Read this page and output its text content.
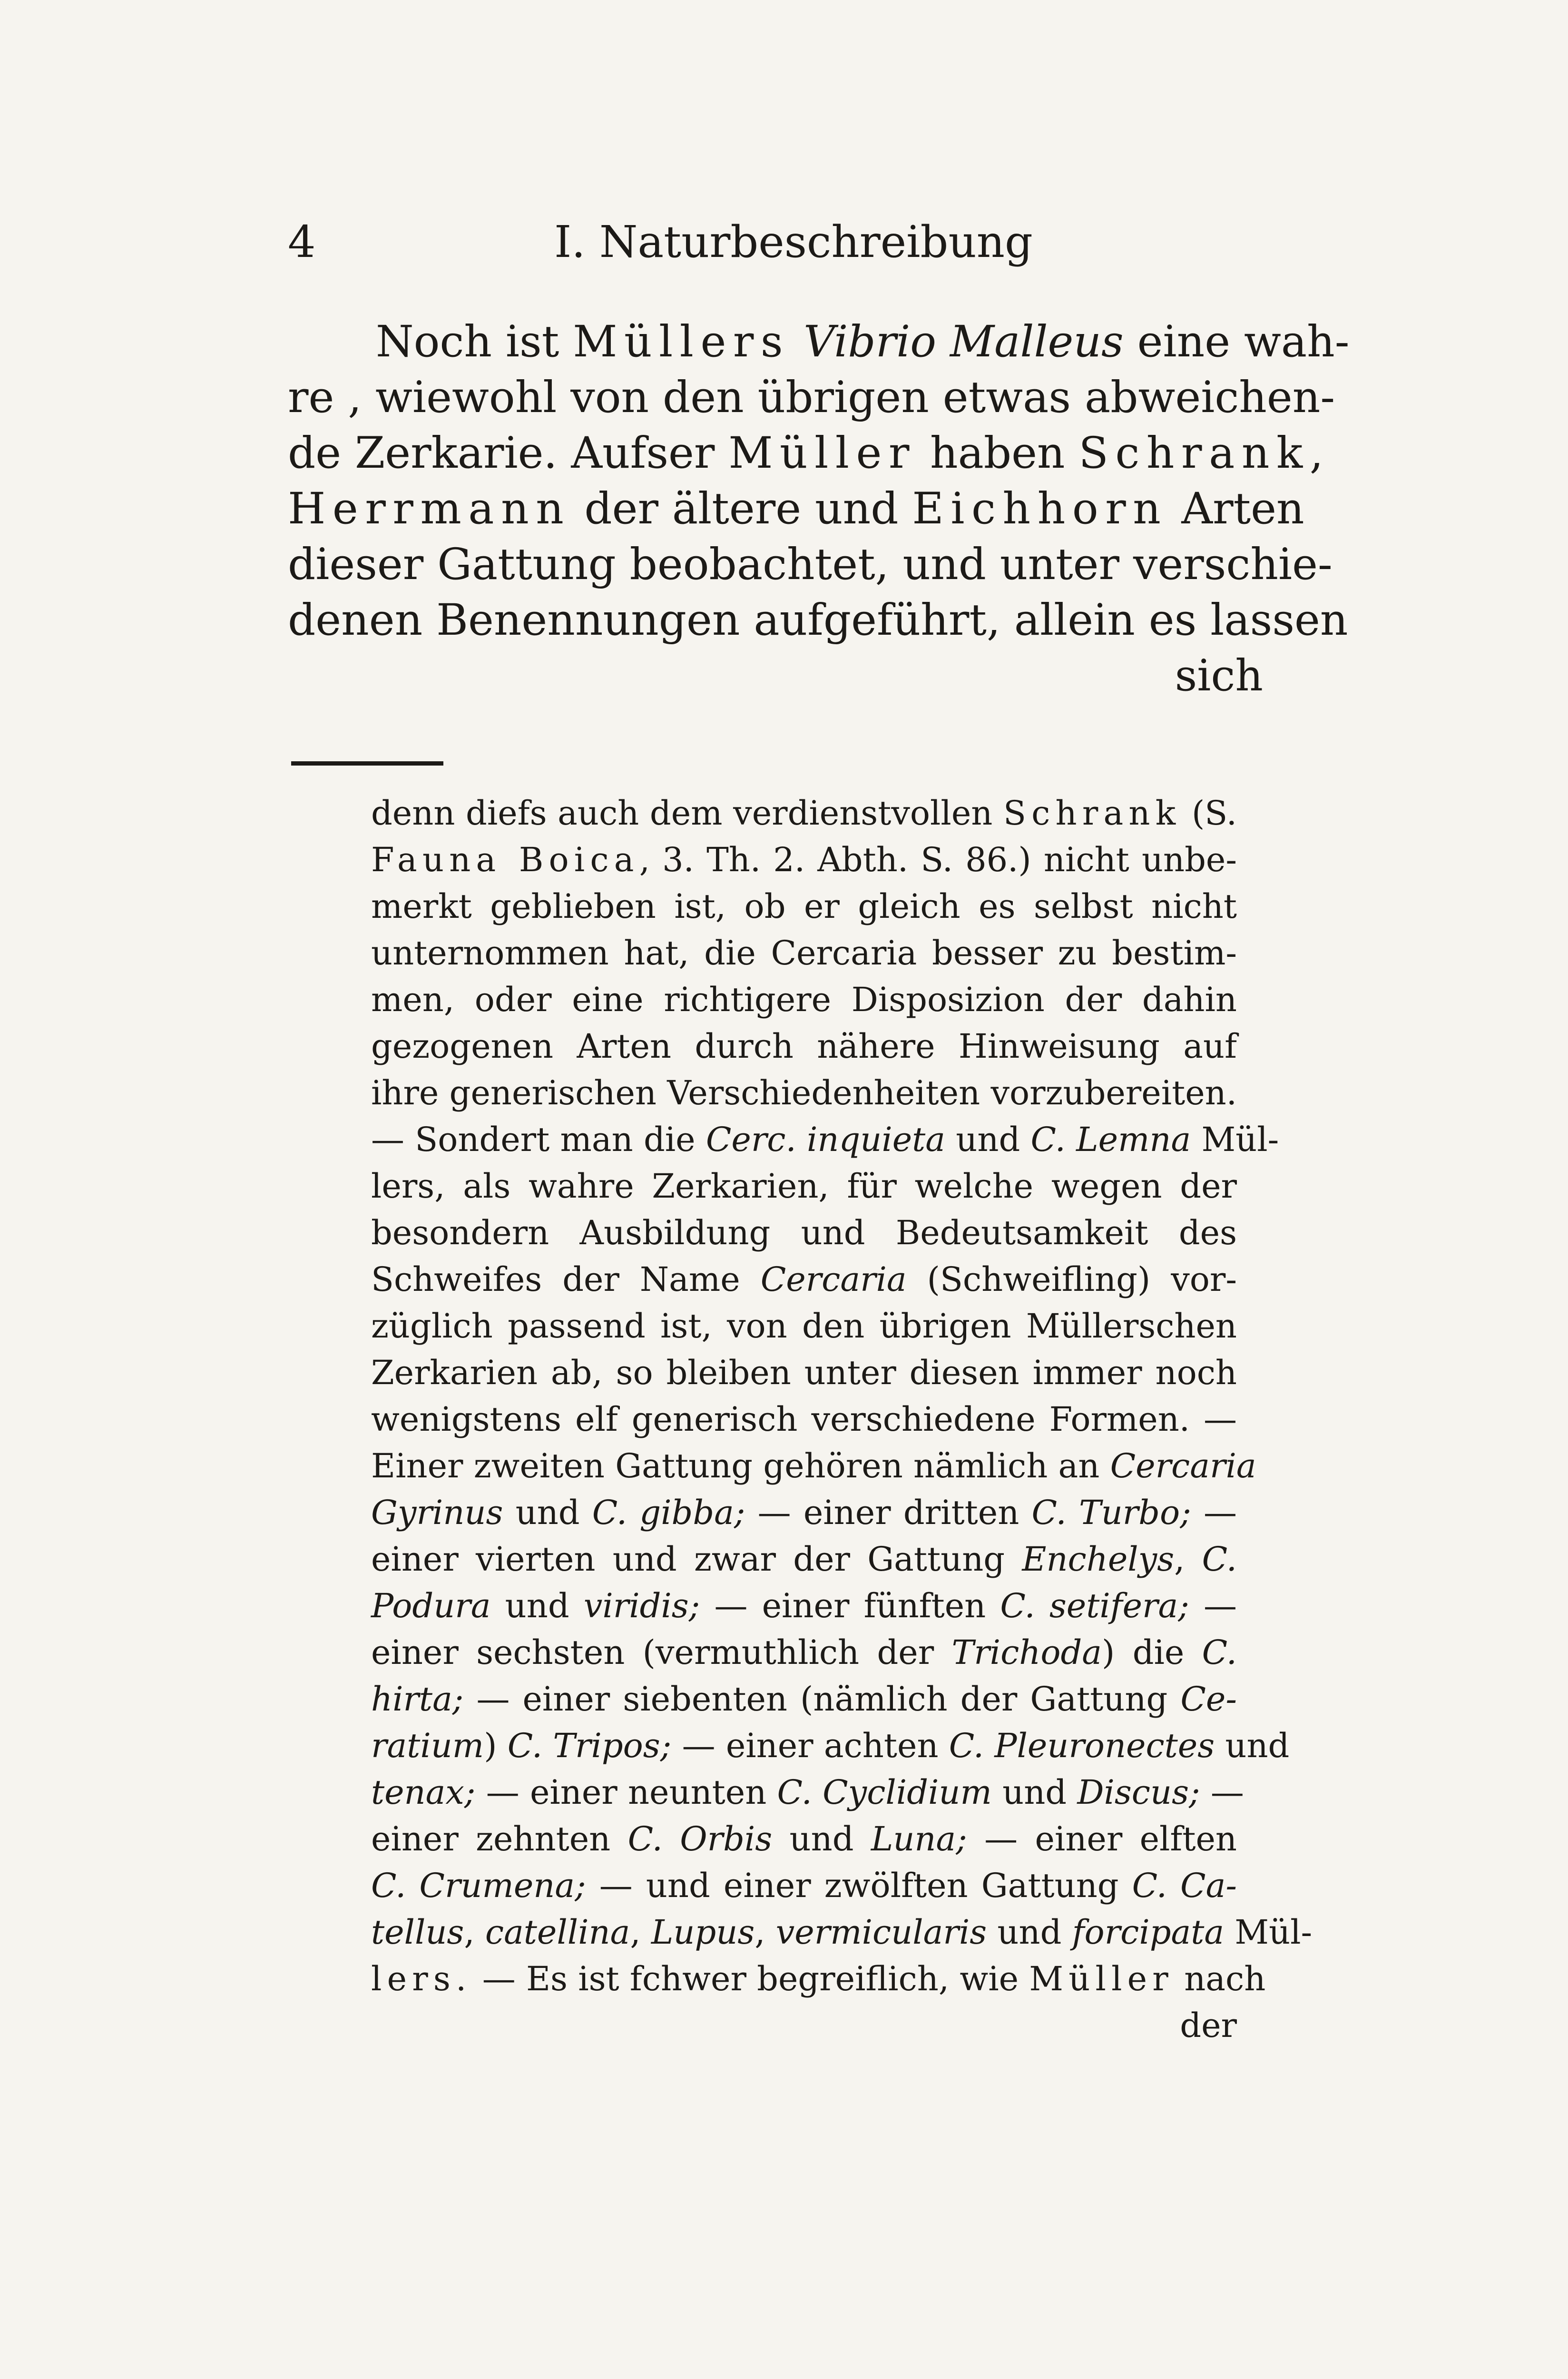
4	I. Naturbeschreibung
Noch ist Müllers Vibrio Malleus eine wah-
re , wiewohl von den übrigen etwas abweichen-
de Zerkarie. Aufser Müller haben Schrank,
Herrmann der ältere und Eichhorn Arten
dieser Gattung beobachtet, und unter verschie-
denen Benennungen aufgeführt, allein es lassen
sich
denn diefs auch dem verdienstvollen Schrank (S.
Fauna Boica, 3. Th. 2. Abth. S. 86.) nicht unbe-
merkt geblieben ist, ob er gleich es selbst nicht
unternommen hat, die Cercaria besser zu bestim-
men, oder eine richtigere Disposizion der dahin
gezogenen Arten durch nähere Hinweisung auf
ihre generischen Verschiedenheiten vorzubereiten.
— Sondert man die Cerc. inquieta und C. Lemna Mül-
lers, als wahre Zerkarien, für welche wegen der
besondern Ausbildung und Bedeutsamkeit des
Schweifes der Name Cercaria (Schweifling) vor-
züglich passend ist, von den übrigen Müllerschen
Zerkarien ab, so bleiben unter diesen immer noch
wenigstens elf generisch verschiedene Formen. —
Einer zweiten Gattung gehören nämlich an Cercaria
Gyrinus und C. gibba; — einer dritten C. Turbo; —
einer vierten und zwar der Gattung Enchelys, C.
Podura und viridis; — einer fünften C. setifera; —
einer sechsten (vermuthlich der Trichoda) die C.
hirta; — einer siebenten (nämlich der Gattung Ce-
ratium) C. Tripos; — einer achten C. Pleuronectes und
tenax; — einer neunten C. Cyclidium und Discus; —
einer zehnten C. Orbis und Luna; — einer elften
C. Crumena; — und einer zwölften Gattung C. Ca-
tellus, catellina, Lupus, vermicularis und forcipata Mül-
lers. — Es ist fchwer begreiflich, wie Müller nach
der
